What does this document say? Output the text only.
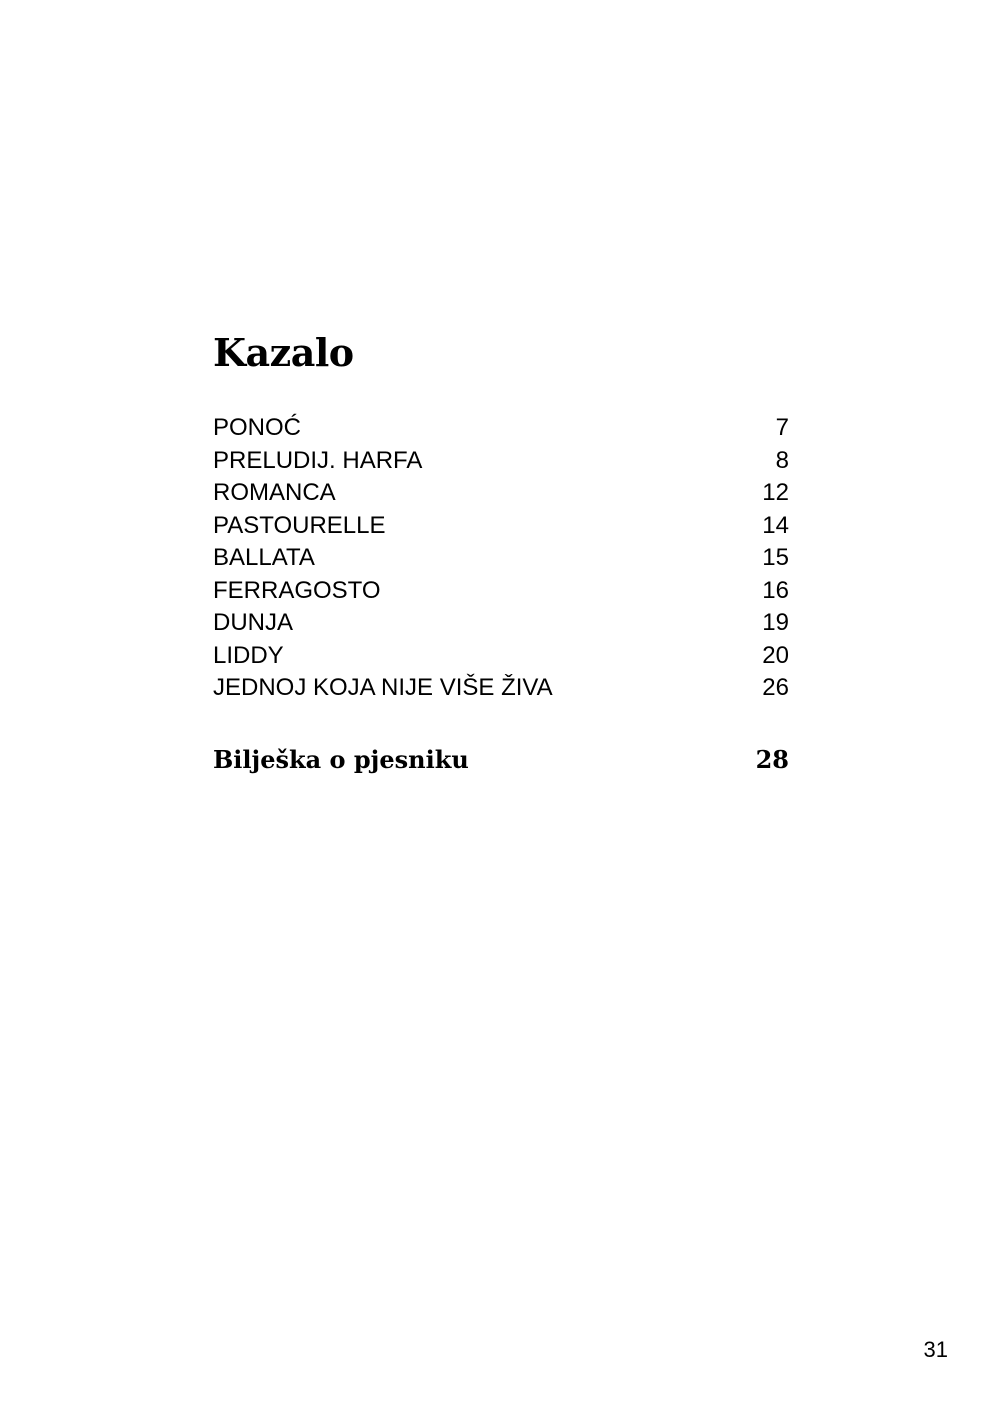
Kazalo
PONOĆ	7
PRELUDIJ. HARFA	8
ROMANCA	12
PASTOURELLE	14
BALLATA	15
FERRAGOSTO	16
DUNJA	19
LIDDY	20
JEDNOJ KOJA NIJE VIŠE ŽIVA	26
Bilješka o pjesniku	28
31
